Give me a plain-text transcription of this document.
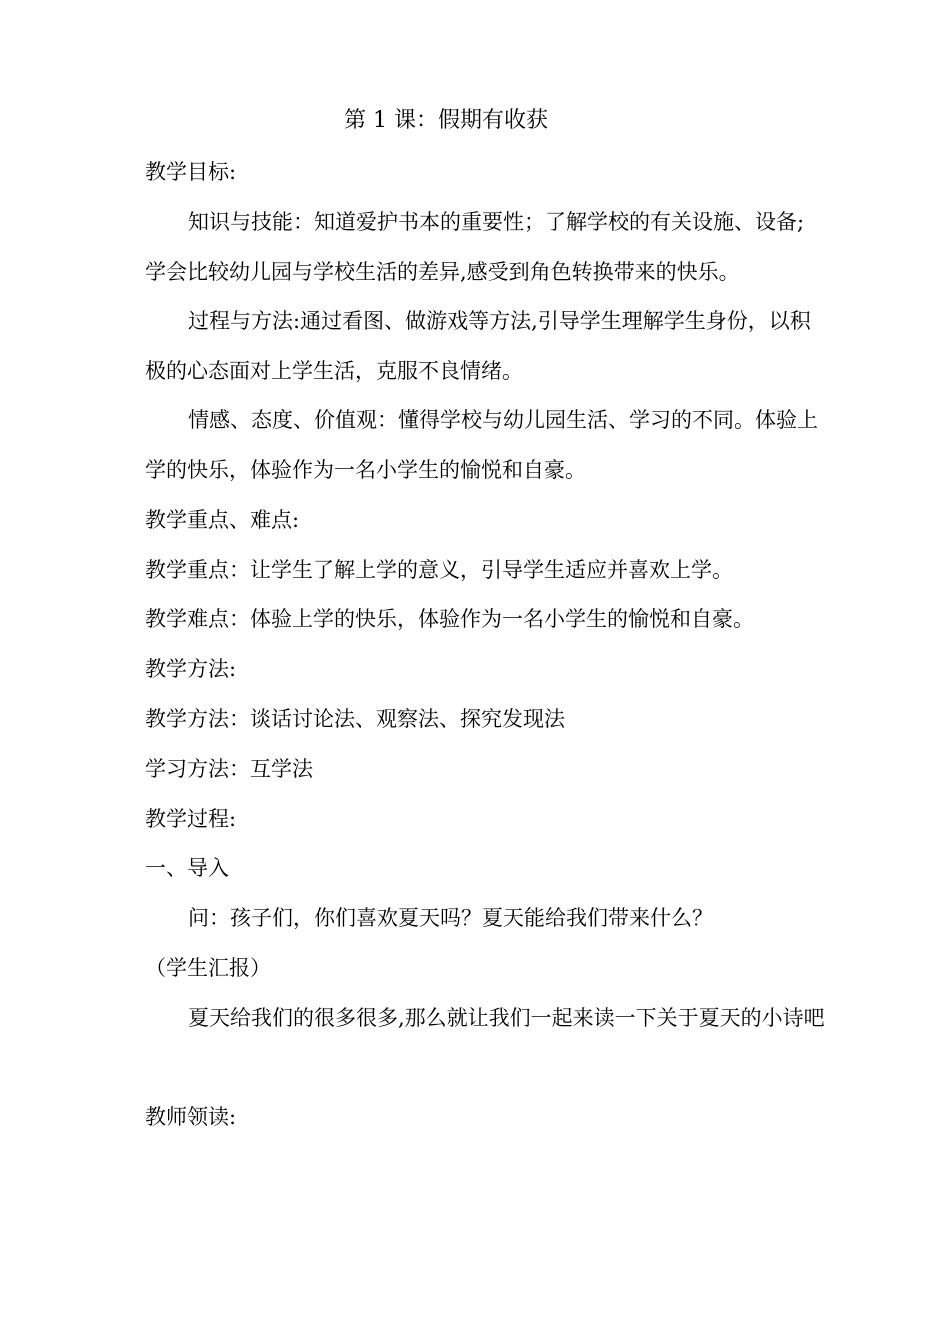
第 1 课：假期有收获
教学目标:
知识与技能：知道爱护书本的重要性；了解学校的有关设施、设备;学会比较幼儿园与学校生活的差异,感受到角色转换带来的快乐。
过程与方法:通过看图、做游戏等方法,引导学生理解学生身份，以积极的心态面对上学生活，克服不良情绪。
情感、态度、价值观：懂得学校与幼儿园生活、学习的不同。体验上学的快乐，体验作为一名小学生的愉悦和自豪。
教学重点、难点:
教学重点：让学生了解上学的意义，引导学生适应并喜欢上学。
教学难点：体验上学的快乐，体验作为一名小学生的愉悦和自豪。
教学方法:
教学方法：谈话讨论法、观察法、探究发现法
学习方法：互学法
教学过程:
一、导入
问：孩子们，你们喜欢夏天吗？夏天能给我们带来什么？
（学生汇报）
夏天给我们的很多很多,那么就让我们一起来读一下关于夏天的小诗吧
教师领读:
